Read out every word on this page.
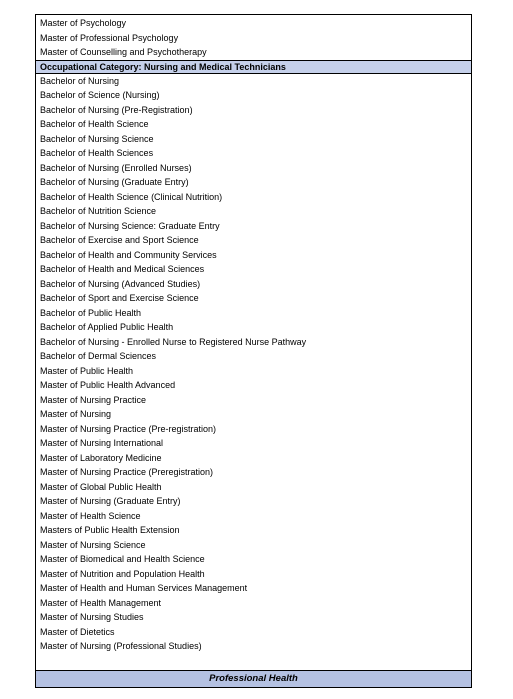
Master of Psychology
Master of Professional Psychology
Master of Counselling and Psychotherapy
Occupational Category: Nursing and Medical Technicians
Bachelor of Nursing
Bachelor of Science (Nursing)
Bachelor of Nursing (Pre-Registration)
Bachelor of Health Science
Bachelor of Nursing Science
Bachelor of Health Sciences
Bachelor of Nursing (Enrolled Nurses)
Bachelor of Nursing (Graduate Entry)
Bachelor of Health Science (Clinical Nutrition)
Bachelor of Nutrition Science
Bachelor of Nursing Science: Graduate Entry
Bachelor of Exercise and Sport Science
Bachelor of Health and Community Services
Bachelor of Health and Medical Sciences
Bachelor of Nursing (Advanced Studies)
Bachelor of Sport and Exercise Science
Bachelor of Public Health
Bachelor of Applied Public Health
Bachelor of Nursing - Enrolled Nurse to Registered Nurse Pathway
Bachelor of Dermal Sciences
Master of Public Health
Master of Public Health Advanced
Master of Nursing Practice
Master of Nursing
Master of Nursing Practice (Pre-registration)
Master of Nursing International
Master of Laboratory Medicine
Master of Nursing Practice (Preregistration)
Master of Global Public Health
Master of Nursing (Graduate Entry)
Master of Health Science
Masters of Public Health Extension
Master of Nursing Science
Master of Biomedical and Health Science
Master of Nutrition and Population Health
Master of Health and Human Services Management
Master of Health Management
Master of Nursing Studies
Master of Dietetics
Master of Nursing (Professional Studies)
Professional Health
